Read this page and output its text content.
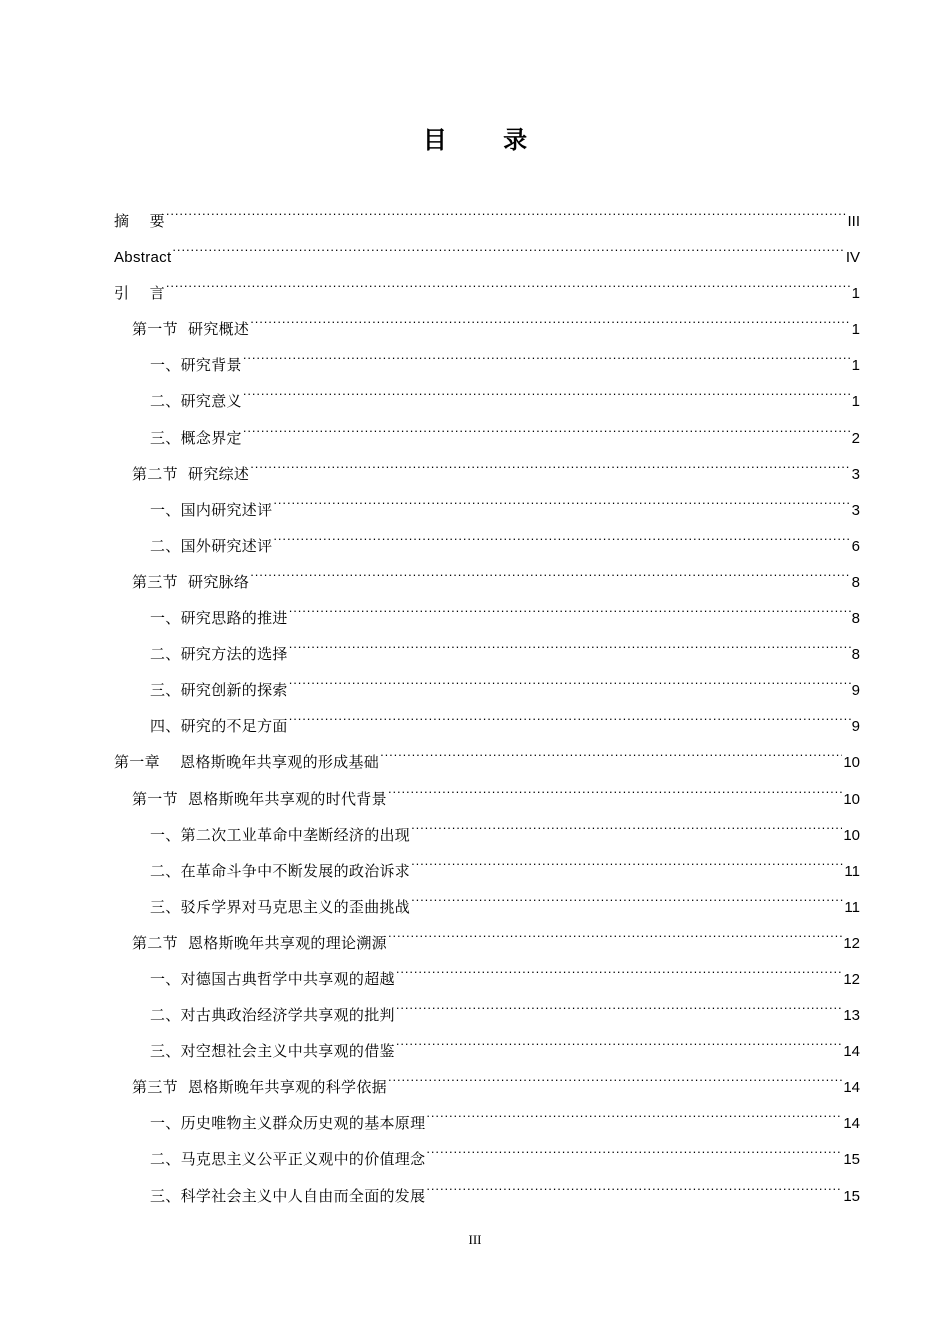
目 录
摘    要 .....	III
Abstract .....	IV
引    言 .....	1
第一节  研究概述 .....	1
一、研究背景 .....	1
二、研究意义 .....	1
三、概念界定 .....	2
第二节  研究综述 .....	3
一、国内研究述评 .....	3
二、国外研究述评 .....	6
第三节  研究脉络 .....	8
一、研究思路的推进 .....	8
二、研究方法的选择 .....	8
三、研究创新的探索 .....	9
四、研究的不足方面 .....	9
第一章    恩格斯晚年共享观的形成基础 .....	10
第一节  恩格斯晚年共享观的时代背景 .....	10
一、第二次工业革命中垄断经济的出现 .....	10
二、在革命斗争中不断发展的政治诉求 .....	11
三、驳斥学界对马克思主义的歪曲挑战 .....	11
第二节  恩格斯晚年共享观的理论溯源 .....	12
一、对德国古典哲学中共享观的超越 .....	12
二、对古典政治经济学共享观的批判 .....	13
三、对空想社会主义中共享观的借鉴 .....	14
第三节  恩格斯晚年共享观的科学依据 .....	14
一、历史唯物主义群众历史观的基本原理 .....	14
二、马克思主义公平正义观中的价值理念 .....	15
三、科学社会主义中人自由而全面的发展 .....	15
III
